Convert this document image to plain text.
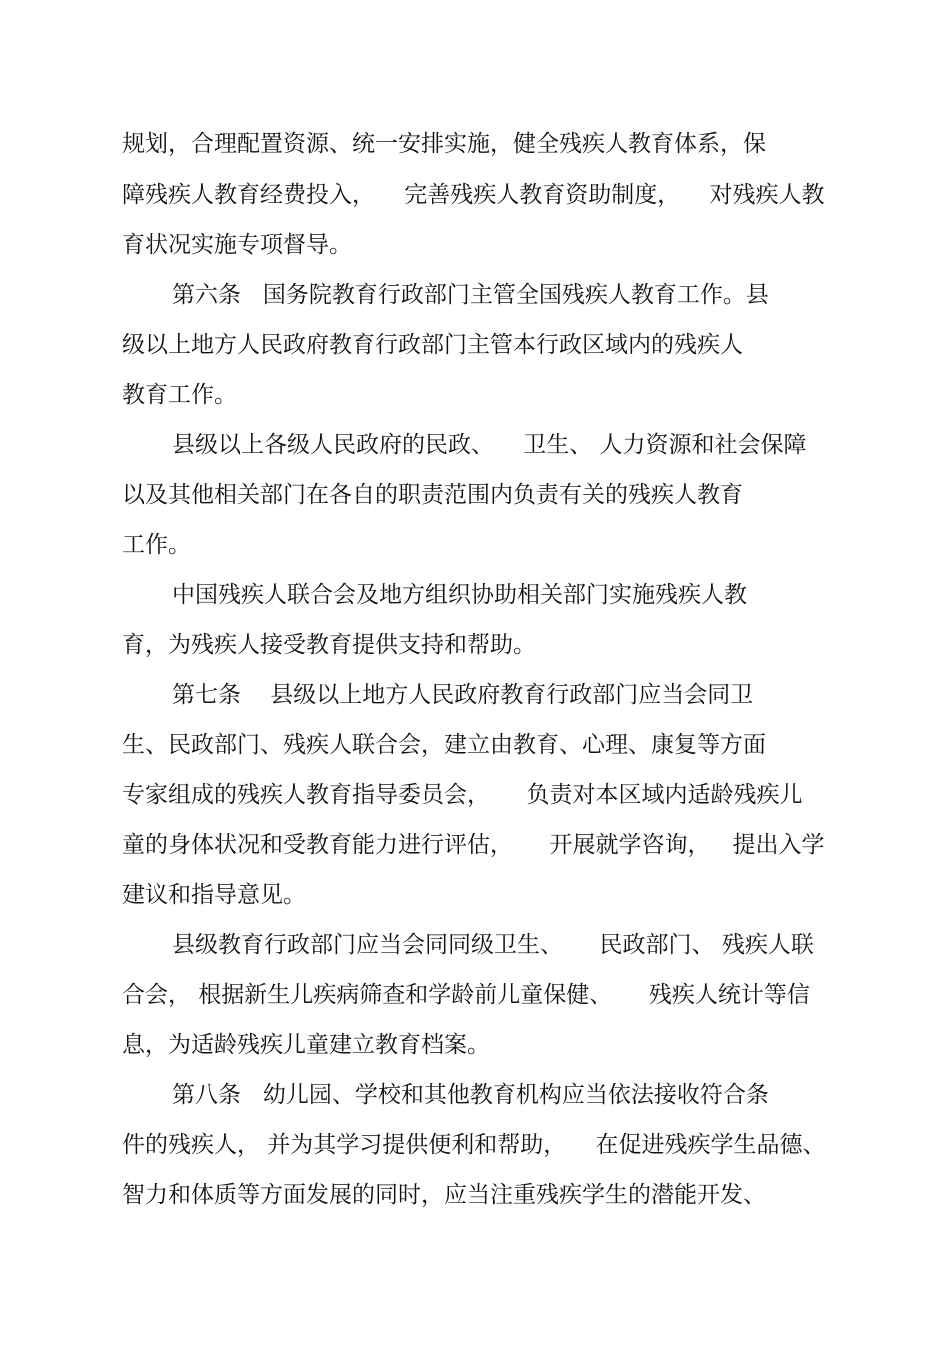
规划，合理配置资源、统一安排实施，健全残疾人教育体系，保
障残疾人教育经费投入，    完善残疾人教育资助制度，    对残疾人教
育状况实施专项督导。
第六条   国务院教育行政部门主管全国残疾人教育工作。县
级以上地方人民政府教育行政部门主管本行政区域内的残疾人
教育工作。
县级以上各级人民政府的民政、    卫生、 人力资源和社会保障
以及其他相关部门在各自的职责范围内负责有关的残疾人教育
工作。
中国残疾人联合会及地方组织协助相关部门实施残疾人教
育，为残疾人接受教育提供支持和帮助。
第七条    县级以上地方人民政府教育行政部门应当会同卫
生、民政部门、残疾人联合会，建立由教育、心理、康复等方面
专家组成的残疾人教育指导委员会，     负责对本区域内适龄残疾儿
童的身体状况和受教育能力进行评估，     开展就学咨询，   提出入学
建议和指导意见。
县级教育行政部门应当会同同级卫生、     民政部门、 残疾人联
合会， 根据新生儿疾病筛查和学龄前儿童保健、     残疾人统计等信
息，为适龄残疾儿童建立教育档案。
第八条   幼儿园、学校和其他教育机构应当依法接收符合条
件的残疾人， 并为其学习提供便利和帮助，    在促进残疾学生品德、
智力和体质等方面发展的同时，应当注重残疾学生的潜能开发、
